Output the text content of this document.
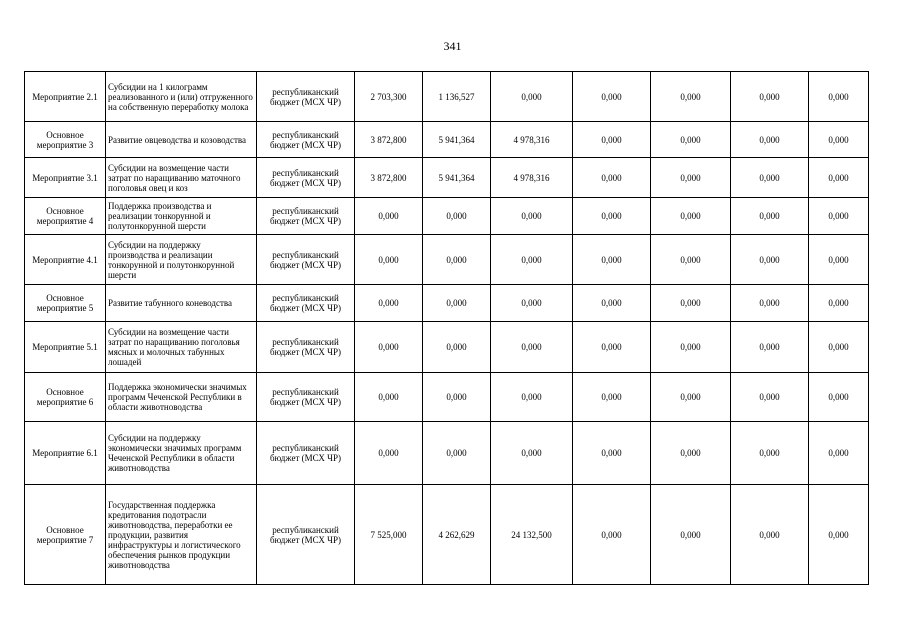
341
Мероприятие 2.1	Субсидии на 1 килограмм реализованного и (или) отгруженного на собственную переработку молока	республиканский бюджет (МСХ ЧР)	2 703,300	1 136,527	0,000	0,000	0,000	0,000	0,000
Основное мероприятие 3	Развитие овцеводства и козоводства	республиканский бюджет (МСХ ЧР)	3 872,800	5 941,364	4 978,316	0,000	0,000	0,000	0,000
Мероприятие 3.1	Субсидии на возмещение части затрат по наращиванию маточного поголовья овец и коз	республиканский бюджет (МСХ ЧР)	3 872,800	5 941,364	4 978,316	0,000	0,000	0,000	0,000
Основное мероприятие 4	Поддержка производства и реализации тонкорунной и полутонкорунной шерсти	республиканский бюджет (МСХ ЧР)	0,000	0,000	0,000	0,000	0,000	0,000	0,000
Мероприятие 4.1	Субсидии на поддержку производства и реализации тонкорунной и полутонкорунной шерсти	республиканский бюджет (МСХ ЧР)	0,000	0,000	0,000	0,000	0,000	0,000	0,000
Основное мероприятие 5	Развитие табунного коневодства	республиканский бюджет (МСХ ЧР)	0,000	0,000	0,000	0,000	0,000	0,000	0,000
Мероприятие 5.1	Субсидии на возмещение части затрат по наращиванию поголовья мясных и молочных табунных лошадей	республиканский бюджет (МСХ ЧР)	0,000	0,000	0,000	0,000	0,000	0,000	0,000
Основное мероприятие 6	Поддержка экономически значимых программ Чеченской Республики в области животноводства	республиканский бюджет (МСХ ЧР)	0,000	0,000	0,000	0,000	0,000	0,000	0,000
Мероприятие 6.1	Субсидии на поддержку экономически значимых программ Чеченской Республики в области животноводства	республиканский бюджет (МСХ ЧР)	0,000	0,000	0,000	0,000	0,000	0,000	0,000
Основное мероприятие 7	Государственная поддержка кредитования подотрасли животноводства, переработки ее продукции, развития инфраструктуры и логистического обеспечения рынков продукции животноводства	республиканский бюджет (МСХ ЧР)	7 525,000	4 262,629	24 132,500	0,000	0,000	0,000	0,000
